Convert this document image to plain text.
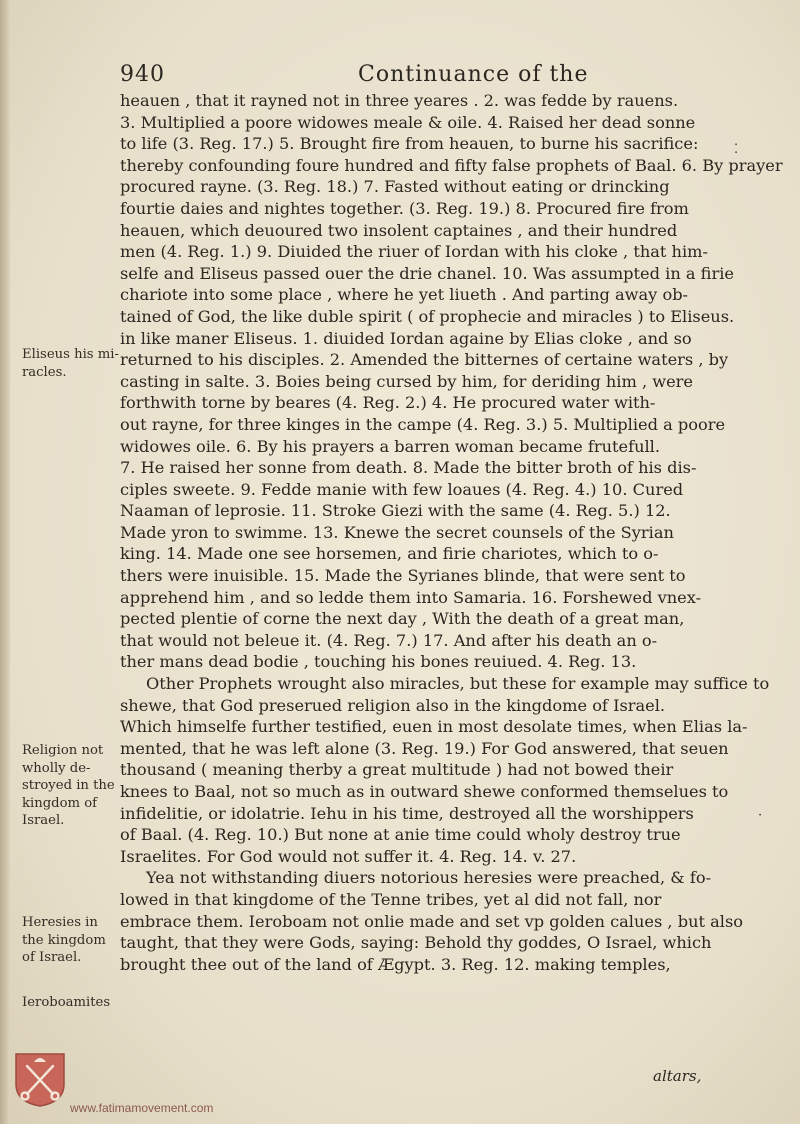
940	Continuance of the
heauen , that it rayned not in three yeares . 2. was fedde by rauens.
3. Multiplied a poore widowes meale & oile. 4. Raised her dead sonne
to life (3. Reg. 17.) 5. Brought fire from heauen, to burne his sacrifice:
thereby confounding foure hundred and fifty false prophets of Baal. 6. By prayer
procured rayne. (3. Reg. 18.) 7. Fasted without eating or drincking
fourtie daies and nightes together. (3. Reg. 19.) 8. Procured fire from
heauen, which deuoured two insolent captaines , and their hundred
men (4. Reg. 1.) 9. Diuided the riuer of Iordan with his cloke , that him-
selfe and Eliseus passed ouer the drie chanel. 10. Was assumpted in a firie
chariote into some place , where he yet liueth . And parting away ob-
tained of God, the like duble spirit ( of prophecie and miracles ) to Eliseus.
in like maner Eliseus. 1. diuided Iordan againe by Elias cloke , and so
returned to his disciples. 2. Amended the bitternes of certaine waters , by
casting in salte. 3. Boies being cursed by him, for deriding him , were
forthwith torne by beares (4. Reg. 2.) 4. He procured water with-
out rayne, for three kinges in the campe (4. Reg. 3.) 5. Multiplied a poore
widowes oile. 6. By his prayers a barren woman became frutefull.
7. He raised her sonne from death. 8. Made the bitter broth of his dis-
ciples sweete. 9. Fedde manie with few loaues (4. Reg. 4.) 10. Cured
Naaman of leprosie. 11. Stroke Giezi with the same (4. Reg. 5.) 12.
Made yron to swimme. 13. Knewe the secret counsels of the Syrian
king. 14. Made one see horsemen, and firie chariotes, which to o-
thers were inuisible. 15. Made the Syrianes blinde, that were sent to
apprehend him , and so ledde them into Samaria. 16. Forshewed vnex-
pected plentie of corne the next day , With the death of a great man,
that would not beleue it. (4. Reg. 7.) 17. And after his death an o-
ther mans dead bodie , touching his bones reuiued. 4. Reg. 13.
Other Prophets wrought also miracles, but these for example may suffice to
shewe, that God preserued religion also in the kingdome of Israel.
Which himselfe further testified, euen in most desolate times, when Elias la-
mented, that he was left alone (3. Reg. 19.) For God answered, that seuen
thousand ( meaning therby a great multitude ) had not bowed their
knees to Baal, not so much as in outward shewe conformed themselues to
infidelitie, or idolatrie. Iehu in his time, destroyed all the worshippers
of Baal. (4. Reg. 10.) But none at anie time could wholy destroy true
Israelites. For God would not suffer it. 4. Reg. 14. v. 27.
Yea not withstanding diuers notorious heresies were preached, & fo-
lowed in that kingdome of the Tenne tribes, yet al did not fall, nor
embrace them. Ieroboam not onlie made and set vp golden calues , but also
taught, that they were Gods, saying: Behold thy goddes, O Israel, which
brought thee out of the land of Ægypt. 3. Reg. 12. making temples,
Eliseus his mi-
racles.
Religion not
wholly de-
stroyed in the
kingdom of
Israel.
Heresies in
the kingdom
of Israel.
Ieroboamites
⁚
·
altars,
www.fatimamovement.com
